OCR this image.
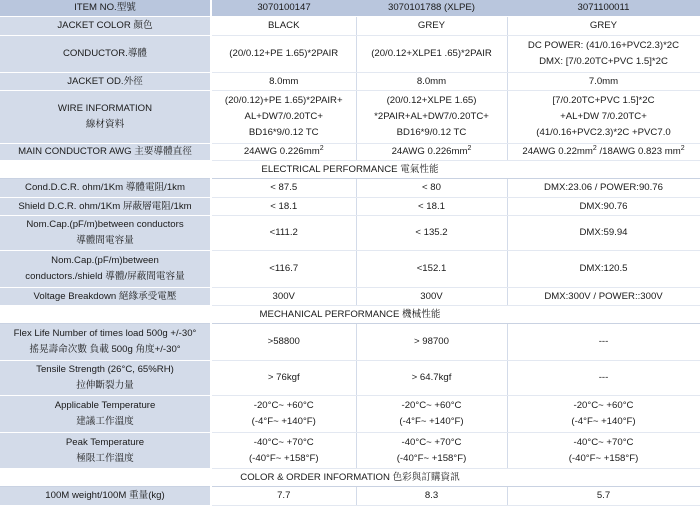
ITEM NO.型號	3070100147	3070101788 (XLPE)	3071100011

JACKET COLOR 顏色	BLACK	GREY	GREY

CONDUCTOR.導體	(20/0.12+PE 1.65)*2PAIR	(20/0.12+XLPE1 .65)*2PAIR	DC POWER: (41/0.16+PVC2.3)*2C
DMX: [7/0.20TC+PVC 1.5]*2C

JACKET OD.外徑	8.0mm	8.0mm	7.0mm

WIRE INFORMATION
線材資料	(20/0.12)+PE 1.65)*2PAIR+
AL+DW7/0.20TC+
BD16*9/0.12 TC	(20/0.12+XLPE 1.65)
*2PAIR+AL+DW7/0.20TC+
BD16*9/0.12 TC	[7/0.20TC+PVC 1.5]*2C
+AL+DW 7/0.20TC+
(41/0.16+PVC2.3)*2C +PVC7.0

MAIN CONDUCTOR AWG 主要導體直徑	24AWG $0.226mm^2$	24AWG $0.226mm^2$	24AWG $0.22mm^2$ /18AWG 0.823 $mm^2$

ELECTRICAL PERFORMANCE 電氣性能			

Cond.D.C.R. ohm/1Km 導體電阻/1km	< 87.5	< 80	DMX:23.06 / POWER:90.76

Shield D.C.R. ohm/1Km 屏蔽層電阻/1km	< 18.1	< 18.1	DMX:90.76

Nom.Cap.(pF/m)between conductors
導體間電容量	<111.2	< 135.2	DMX:59.94

Nom.Cap.(pF/m)between
conductors./shield 導體/屏蔽間電容量	<116.7	<152.1	DMX:120.5

Voltage Breakdown 絕緣承受電壓	300V	300V	DMX:300V / POWER::300V

MECHANICAL PERFORMANCE 機械性能			

Flex Life Number of times load 500g +/-30°
搖晃壽命次數 負載 500g 角度+/-30°	>58800	> 98700	---

Tensile Strength (26°C, 65%RH)
拉伸斷裂力量	> 76kgf	> 64.7kgf	---

Applicable Temperature
建議工作溫度	-20°C~ +60°C
(-4°F~ +140°F)	-20°C~ +60°C
(-4°F~ +140°F)	-20°C~ +60°C
(-4°F~ +140°F)

Peak Temperature
極限工作溫度	-40°C~ +70°C
(-40°F~ +158°F)	-40°C~ +70°C
(-40°F~ +158°F)	-40°C~ +70°C
(-40°F~ +158°F)

COLOR & ORDER INFORMATION 色彩與訂購資訊			

100M weight/100M 重量(kg)	7.7	8.3	5.7
